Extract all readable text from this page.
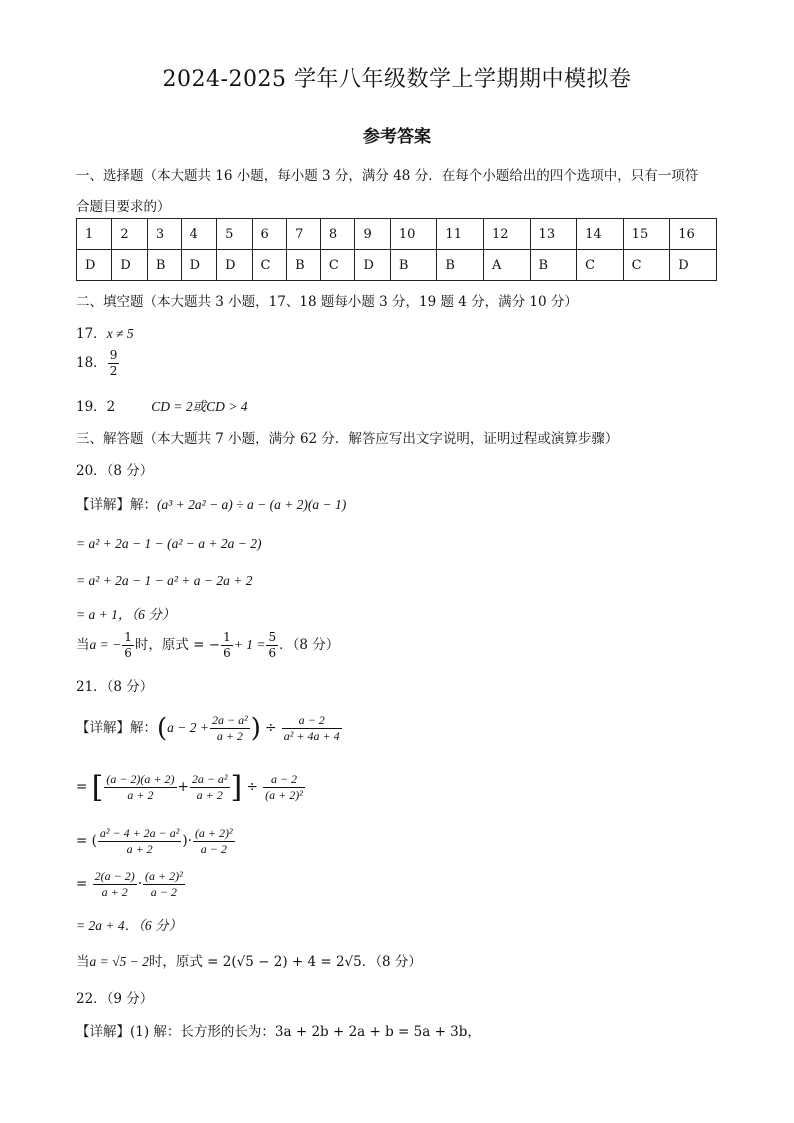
2024-2025 学年八年级数学上学期期中模拟卷
参考答案
一、选择题（本大题共 16 小题，每小题 3 分，满分 48 分．在每个小题给出的四个选项中，只有一项符
合题目要求的）
1	2	3	4	5	6	7	8	9	10	11	12	13	14	15	16
D	D	B	D	D	C	B	C	D	B	B	A	B	C	C	D
二、填空题（本大题共 3 小题，17、18 题每小题 3 分，19 题 4 分，满分 10 分）
17．x ≠ 5
18． $\frac{9}{2}$
19．2	CD = 2或CD > 4
三、解答题（本大题共 7 小题，满分 62 分．解答应写出文字说明，证明过程或演算步骤）
20．（8 分）
【详解】解：(a³ + 2a² − a) ÷ a − (a + 2)(a − 1)
= a² + 2a − 1 − (a² − a + 2a − 2)
= a² + 2a − 1 − a² + a − 2a + 2
= a + 1，（6 分）
当a = − $\frac{1}{6}$ 时，原式 = − $\frac{1}{6} + 1 = \frac{5}{6}$ ．（8 分）
21．（8 分）
【详解】解：($a - 2 + \frac{\text{2a − a²}}{a + 2}$ ) ÷ $\frac{a - 2}{\text{a² + 4a + 4}}$
= [ $\frac{(a - 2)(a + 2)}{a + 2} + \frac{\text{2a − a²}}{a + 2}$ ] ÷ $\frac{a - 2}{\text{(a + 2)²}}$
= ( $\frac{\text{a² − 4 + 2a − a²}}{a + 2}$ )· $\frac{\text{(a + 2)²}}{a - 2}$
= $\frac{2(a - 2)}{a + 2} \cdot \frac{\text{(a + 2)²}}{a - 2}$
= 2a + 4．（6 分）
当a = √5 − 2时，原式 = 2(√5 − 2) + 4 = 2√5．（8 分）
22．（9 分）
【详解】(1) 解：长方形的长为：3a + 2b + 2a + b = 5a + 3b，
